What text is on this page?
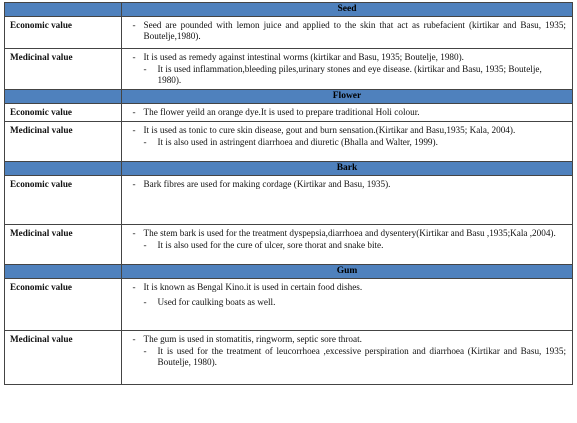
	Seed	
Economic value	-	Seed are pounded with lemon juice and applied to the skin that act as rubefacient (kirtikar and Basu, 1935; Boutelje,1980).

Medicinal value	-	It is used as remedy against intestinal worms (kirtikar and Basu, 1935; Boutelje, 1980).
- It is used inflammation,bleeding piles,urinary stones and eye disease. (kirtikar and Basu, 1935; Boutelje, 1980).

	Flower	
Economic value	-	The flower yeild an orange dye.It is used to prepare traditional Holi colour.

Medicinal value	-	It is used as tonic to cure skin disease, gout and burn sensation.(Kirtikar and Basu,1935; Kala, 2004).
- It is also used in astringent diarrhoea and diuretic (Bhalla and Walter, 1999).

	Bark	
Economic value	-	Bark fibres are used for making cordage (Kirtikar and Basu, 1935).

Medicinal value	-	The stem bark is used for the treatment dyspepsia,diarrhoea and dysentery(Kirtikar and Basu ,1935;Kala ,2004).
- It is also used for the cure of ulcer, sore thorat and snake bite.

	Gum	
Economic value	-	It is known as Bengal Kino.it is used in certain food dishes.
- Used for caulking boats as well.

Medicinal value	-	The gum is used in stomatitis, ringworm, septic sore throat.
- It is used for the treatment of leucorrhoea ,excessive perspiration and diarrhoea (Kirtikar and Basu, 1935; Boutelje, 1980).
